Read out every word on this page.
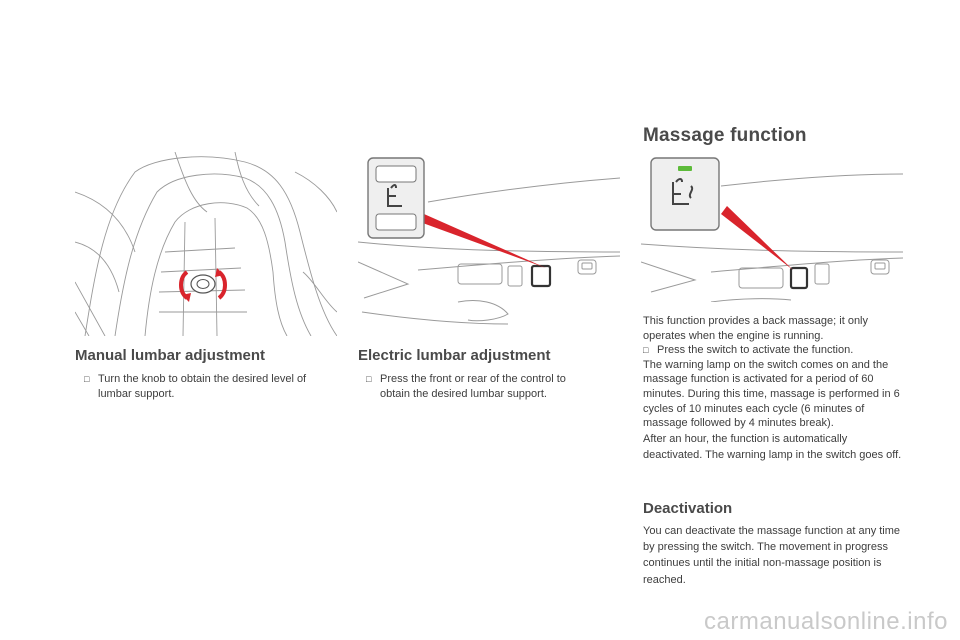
Massage function
Manual lumbar adjustment
□ Turn the knob to obtain the desired level of lumbar support.
Electric lumbar adjustment
□ Press the front or rear of the control to obtain the desired lumbar support.

This function provides a back massage; it only operates when the engine is running.

□ Press the switch to activate the function.

The warning lamp on the switch comes on and the massage function is activated for a period of 60 minutes. During this time, massage is performed in 6 cycles of 10 minutes each cycle (6 minutes of massage followed by 4 minutes break).

After an hour, the function is automatically deactivated. The warning lamp in the switch goes off.

Deactivation

You can deactivate the massage function at any time by pressing the switch. The movement in progress continues until the initial non-massage position is reached.

carmanualsonline.info
